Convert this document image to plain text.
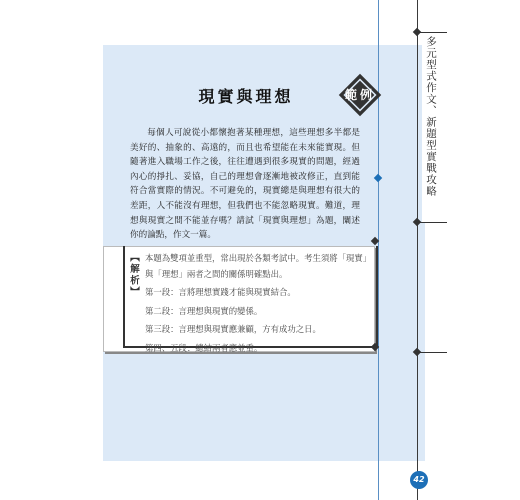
多元型式作文、新題型實戰攻略
現實與理想	範例
每個人可說從小都懷抱著某種理想，這些理想多半都是美好的、抽象的、高遠的，而且也希望能在未來能實現。但隨著進入職場工作之後，往往遭遇到很多現實的問題，經過內心的掙扎、妥協，自己的理想會逐漸地被改修正，直到能符合當實際的情況。不可避免的，現實總是與理想有很大的差距，人不能沒有理想，但我們也不能忽略現實。難道，理想與現實之間不能並存嗎？請試「現實與理想」為題，闡述你的論點，作文一篇。
【解析】 本題為雙項並重型，常出現於各類考試中。考生須將「現實」
與「理想」兩者之間的關係明確點出。
第一段：言將理想實踐才能與現實結合。
第二段：言理想與現實的變係。
第三段：言理想與現實應兼顧，方有成功之日。
第四、五段：總結兩者應並重。
42
